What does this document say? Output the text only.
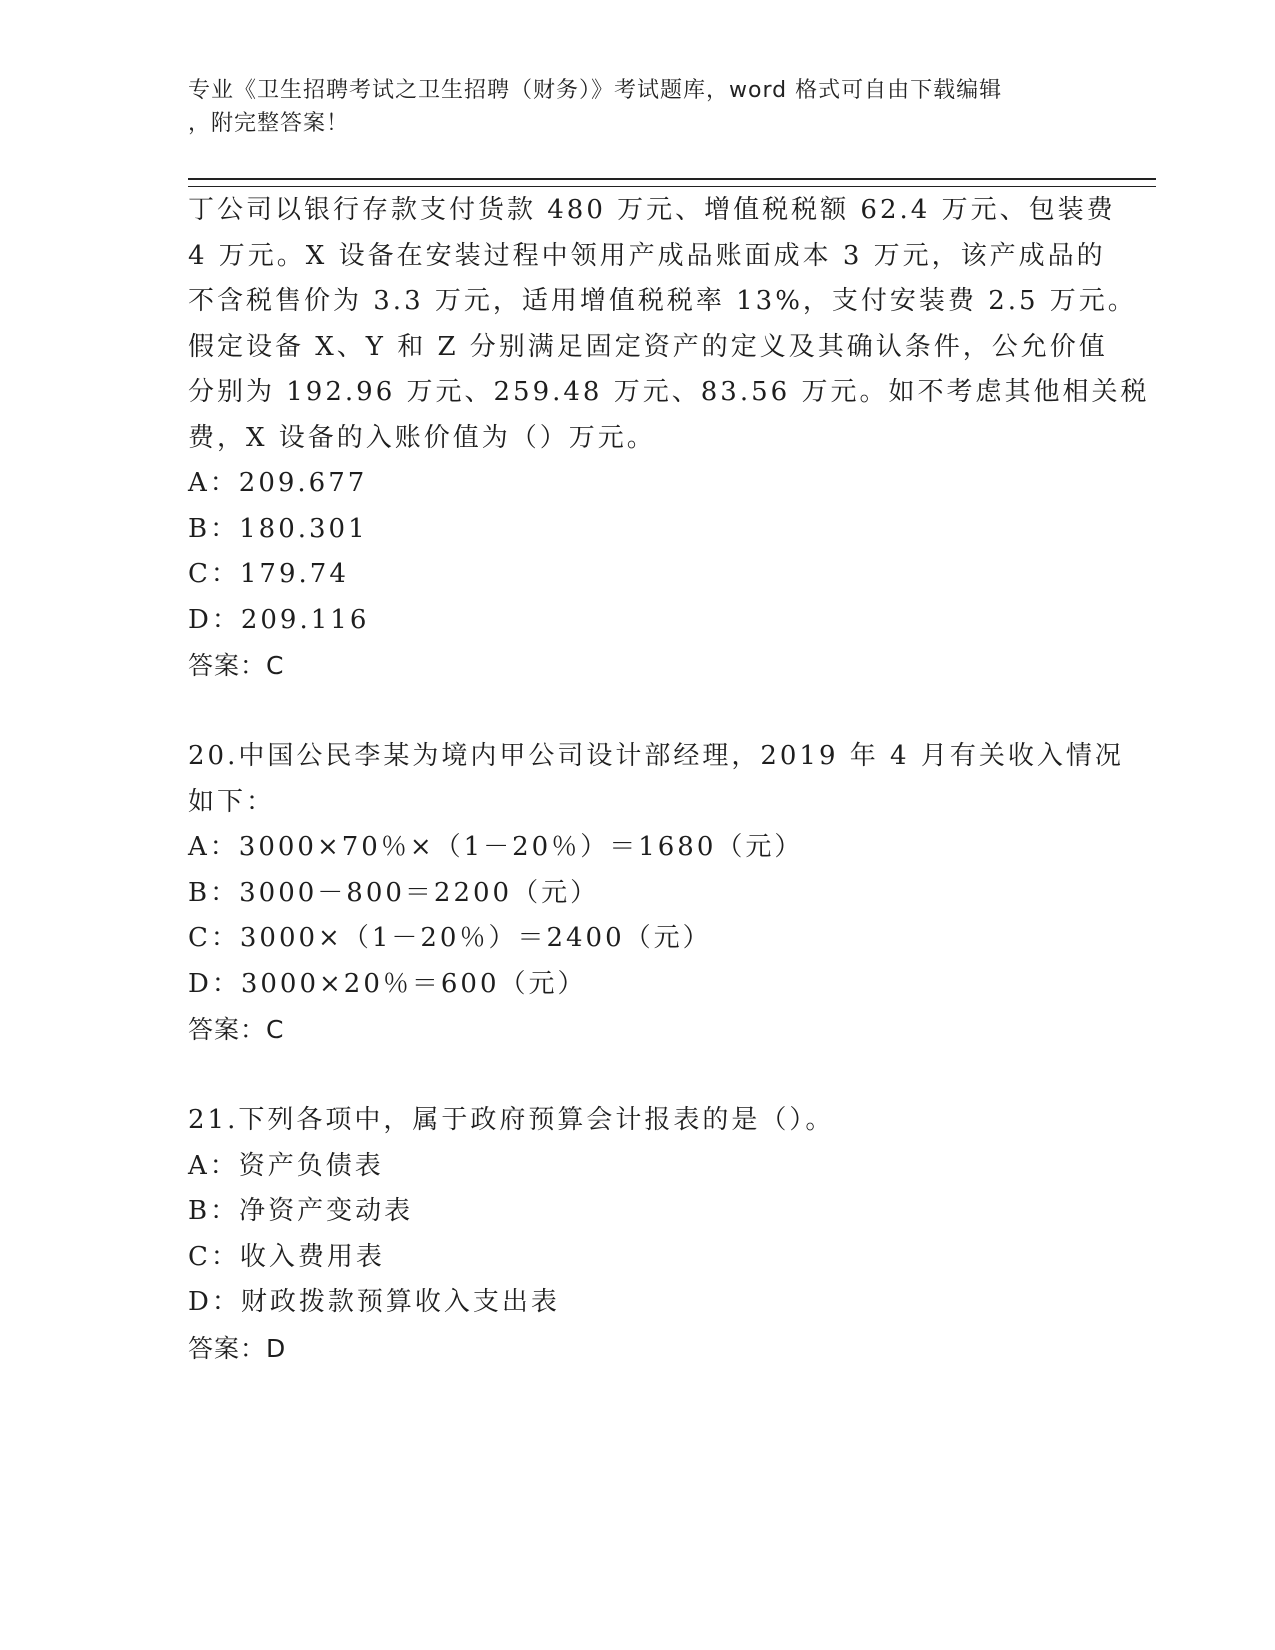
专业《卫生招聘考试之卫生招聘（财务）》考试题库，word 格式可自由下载编辑
，附完整答案！
丁公司以银行存款支付货款 480 万元、增值税税额 62.4 万元、包装费
4 万元。X 设备在安装过程中领用产成品账面成本 3 万元，该产成品的
不含税售价为 3.3 万元，适用增值税税率 13%，支付安装费 2.5 万元。
假定设备 X、Y 和 Z 分别满足固定资产的定义及其确认条件，公允价值
分别为 192.96 万元、259.48 万元、83.56 万元。如不考虑其他相关税
费，X 设备的入账价值为（）万元。
A：209.677
B：180.301
C：179.74
D：209.116
答案：C
20.中国公民李某为境内甲公司设计部经理，2019 年 4 月有关收入情况
如下：
A：3000×70％×（1－20％）＝1680（元）
B：3000－800＝2200（元）
C：3000×（1－20％）＝2400（元）
D：3000×20％＝600（元）
答案：C
21.下列各项中，属于政府预算会计报表的是（）。
A：资产负债表
B：净资产变动表
C：收入费用表
D：财政拨款预算收入支出表
答案：D
